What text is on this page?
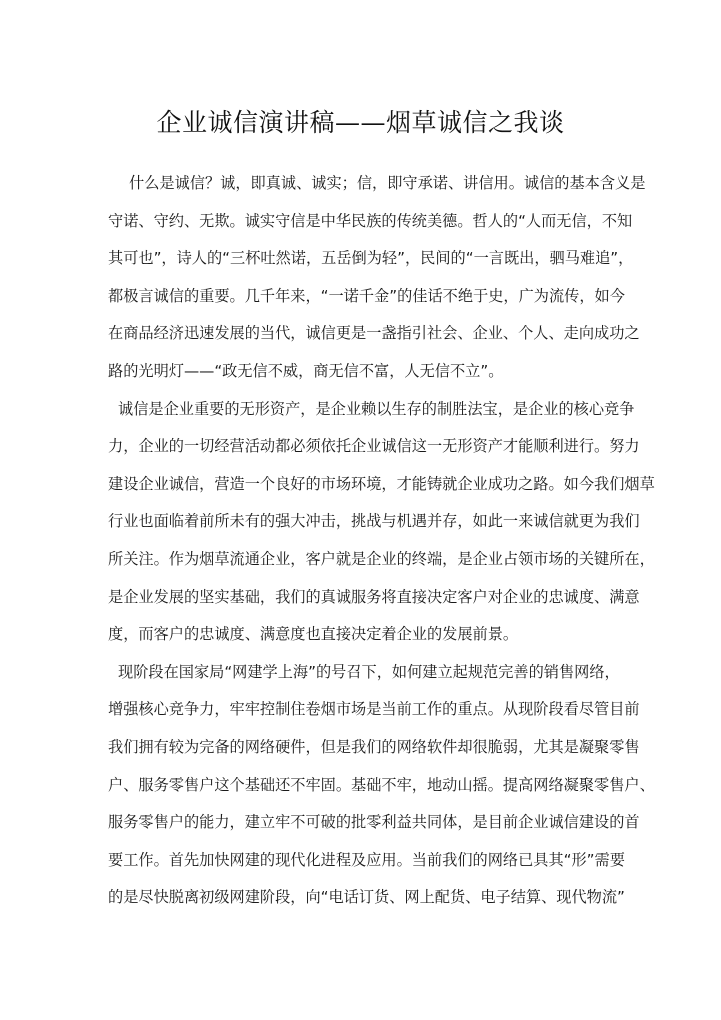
企业诚信演讲稿——烟草诚信之我谈
什么是诚信？诚，即真诚、诚实；信，即守承诺、讲信用。诚信的基本含义是
守诺、守约、无欺。诚实守信是中华民族的传统美德。哲人的“人而无信，不知
其可也”，诗人的“三杯吐然诺，五岳倒为轻”，民间的“一言既出，驷马难追”，
都极言诚信的重要。几千年来，“一诺千金”的佳话不绝于史，广为流传，如今
在商品经济迅速发展的当代，诚信更是一盏指引社会、企业、个人、走向成功之
路的光明灯——“政无信不威，商无信不富，人无信不立”。
诚信是企业重要的无形资产，是企业赖以生存的制胜法宝，是企业的核心竞争
力，企业的一切经营活动都必须依托企业诚信这一无形资产才能顺利进行。努力
建设企业诚信，营造一个良好的市场环境，才能铸就企业成功之路。如今我们烟草
行业也面临着前所未有的强大冲击，挑战与机遇并存，如此一来诚信就更为我们
所关注。作为烟草流通企业，客户就是企业的终端，是企业占领市场的关键所在，
是企业发展的坚实基础，我们的真诚服务将直接决定客户对企业的忠诚度、满意
度，而客户的忠诚度、满意度也直接决定着企业的发展前景。
现阶段在国家局“网建学上海”的号召下，如何建立起规范完善的销售网络，
增强核心竞争力，牢牢控制住卷烟市场是当前工作的重点。从现阶段看尽管目前
我们拥有较为完备的网络硬件，但是我们的网络软件却很脆弱，尤其是凝聚零售
户、服务零售户这个基础还不牢固。基础不牢，地动山摇。提高网络凝聚零售户、
服务零售户的能力，建立牢不可破的批零利益共同体，是目前企业诚信建设的首
要工作。首先加快网建的现代化进程及应用。当前我们的网络已具其“形”需要
的是尽快脱离初级网建阶段，向“电话订货、网上配货、电子结算、现代物流”
